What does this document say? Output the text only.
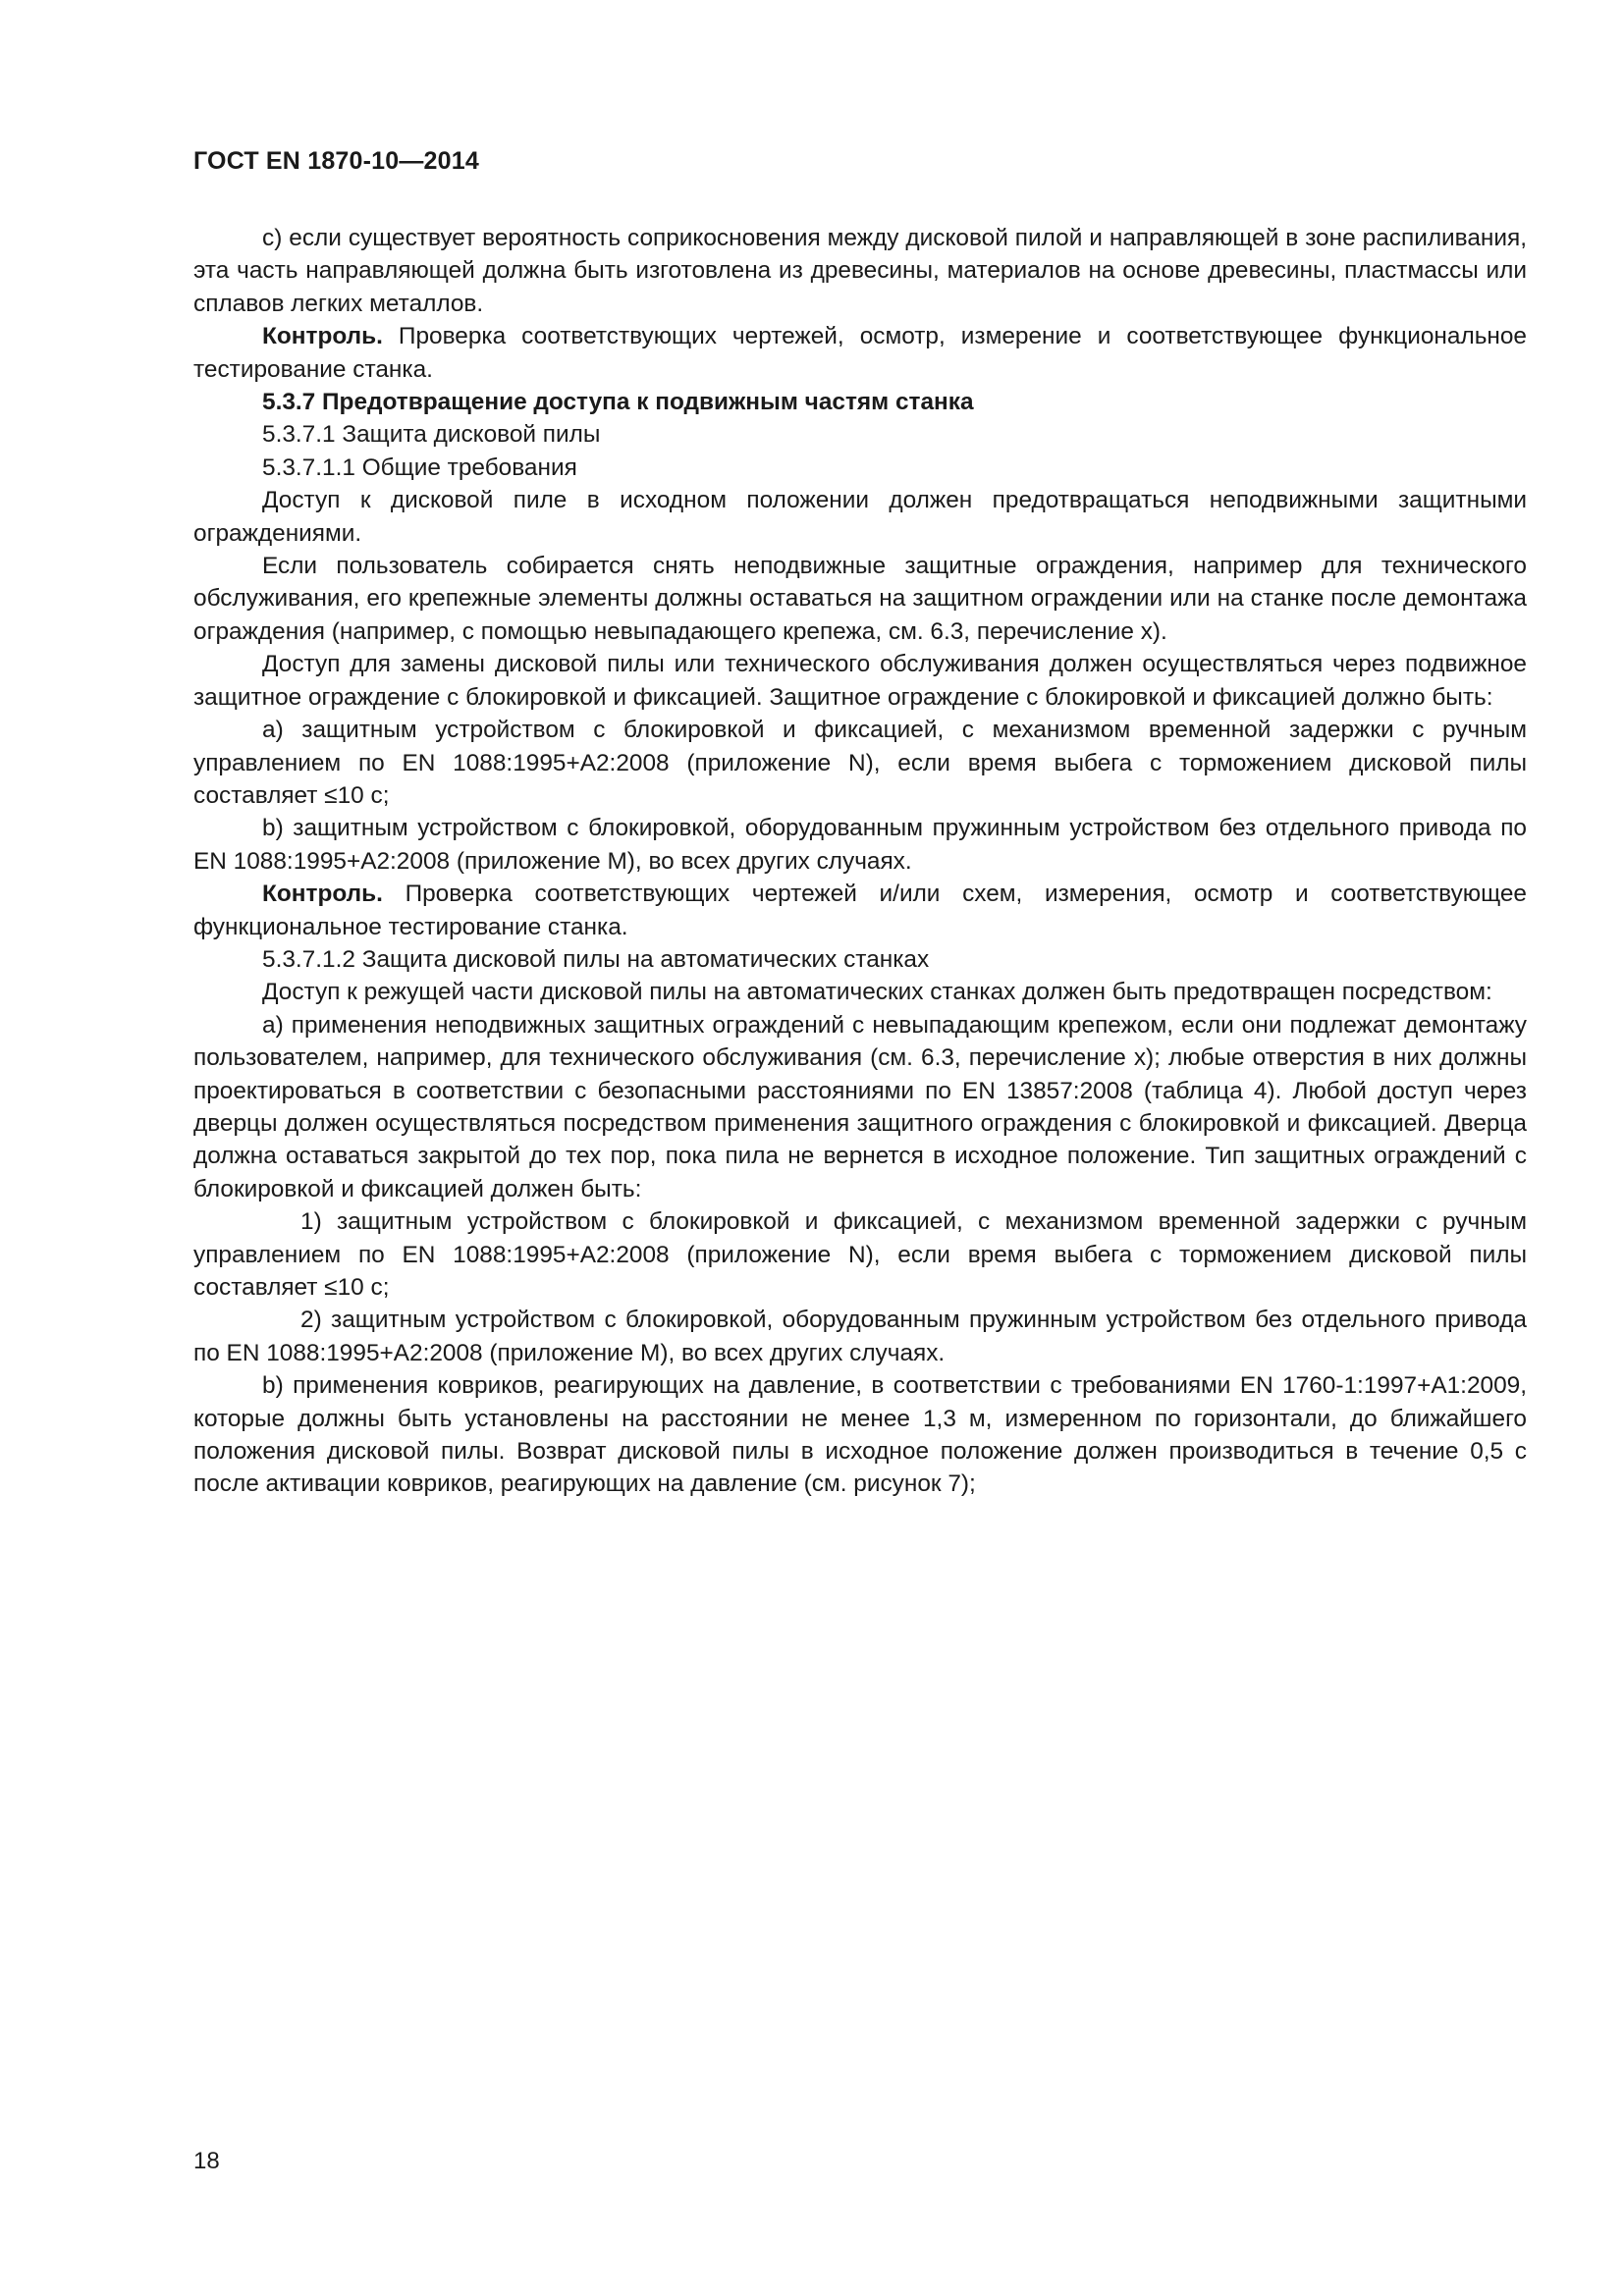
ГОСТ EN 1870-10—2014

с) если существует вероятность соприкосновения между дисковой пилой и направляющей в зоне распиливания, эта часть направляющей должна быть изготовлена из древесины, материалов на основе древесины, пластмассы или сплавов легких металлов.

Контроль. Проверка соответствующих чертежей, осмотр, измерение и соответствующее функциональное тестирование станка.

5.3.7 Предотвращение доступа к подвижным частям станка

5.3.7.1 Защита дисковой пилы

5.3.7.1.1 Общие требования

Доступ к дисковой пиле в исходном положении должен предотвращаться неподвижными защитными ограждениями.

Если пользователь собирается снять неподвижные защитные ограждения, например для технического обслуживания, его крепежные элементы должны оставаться на защитном ограждении или на станке после демонтажа ограждения (например, с помощью невыпадающего крепежа, см. 6.3, перечисление х).

Доступ для замены дисковой пилы или технического обслуживания должен осуществляться через подвижное защитное ограждение с блокировкой и фиксацией. Защитное ограждение с блокировкой и фиксацией должно быть:

а) защитным устройством с блокировкой и фиксацией, с механизмом временной задержки с ручным управлением по EN 1088:1995+А2:2008 (приложение N), если время выбега с торможением дисковой пилы составляет ≤10 с;

b) защитным устройством с блокировкой, оборудованным пружинным устройством без отдельного привода по EN 1088:1995+А2:2008 (приложение М), во всех других случаях.

Контроль. Проверка соответствующих чертежей и/или схем, измерения, осмотр и соответствующее функциональное тестирование станка.

5.3.7.1.2 Защита дисковой пилы на автоматических станках

Доступ к режущей части дисковой пилы на автоматических станках должен быть предотвращен посредством:

а) применения неподвижных защитных ограждений с невыпадающим крепежом, если они подлежат демонтажу пользователем, например, для технического обслуживания (см. 6.3, перечисление х); любые отверстия в них должны проектироваться в соответствии с безопасными расстояниями по EN 13857:2008 (таблица 4). Любой доступ через дверцы должен осуществляться посредством применения защитного ограждения с блокировкой и фиксацией. Дверца должна оставаться закрытой до тех пор, пока пила не вернется в исходное положение. Тип защитных ограждений с блокировкой и фиксацией должен быть:

1) защитным устройством с блокировкой и фиксацией, с механизмом временной задержки с ручным управлением по EN 1088:1995+А2:2008 (приложение N), если время выбега с торможением дисковой пилы составляет ≤10 с;

2) защитным устройством с блокировкой, оборудованным пружинным устройством без отдельного привода по EN 1088:1995+А2:2008 (приложение М), во всех других случаях.

b) применения ковриков, реагирующих на давление, в соответствии с требованиями EN 1760-1:1997+А1:2009, которые должны быть установлены на расстоянии не менее 1,3 м, измеренном по горизонтали, до ближайшего положения дисковой пилы. Возврат дисковой пилы в исходное положение должен производиться в течение 0,5 с после активации ковриков, реагирующих на давление (см. рисунок 7);

18
